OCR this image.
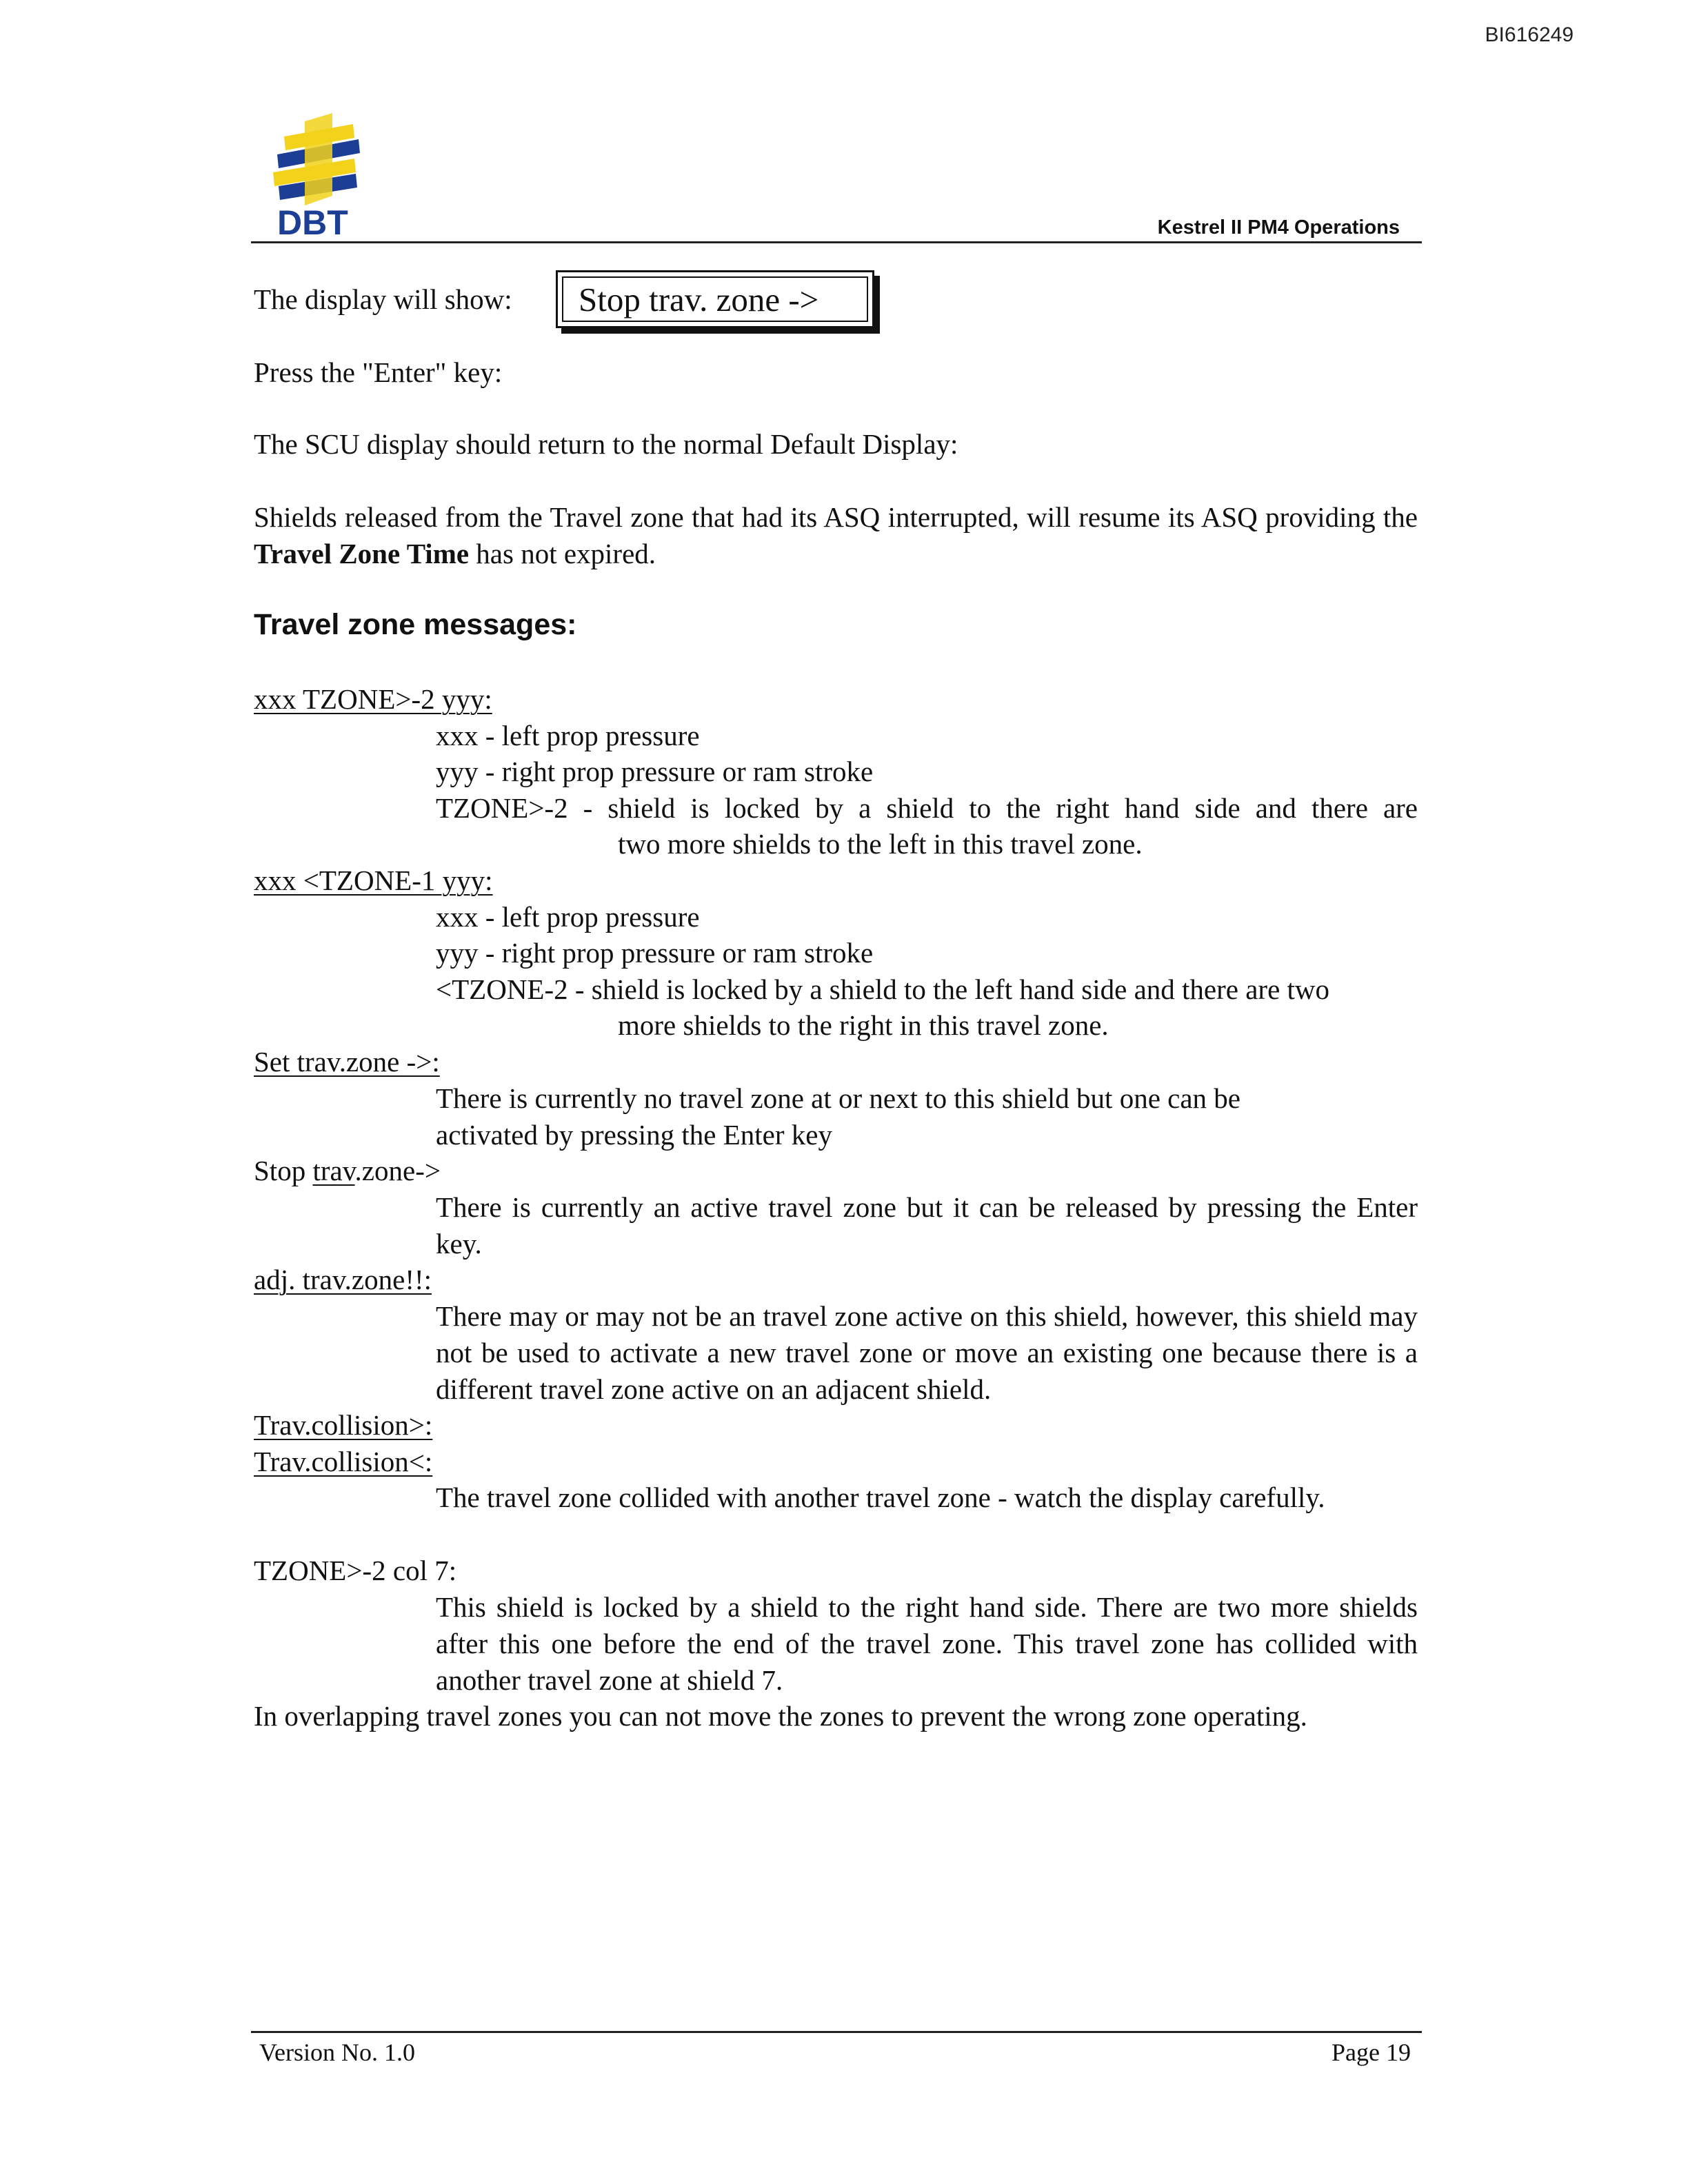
BI616249
DBT	Kestrel II PM4 Operations
The display will show:	Stop trav. zone ->
Press the "Enter" key:
The SCU display should return to the normal Default Display:
Shields released from the Travel zone that had its ASQ interrupted, will resume its ASQ providing the Travel Zone Time has not expired.
Travel zone messages:
xxx TZONE>-2 yyy:
xxx - left prop pressure
yyy - right prop pressure or ram stroke
TZONE>-2 - shield is locked by a shield to the right hand side and there are
two more shields to the left in this travel zone.
xxx <TZONE-1 yyy:
xxx - left prop pressure
yyy - right prop pressure or ram stroke
<TZONE-2 - shield is locked by a shield to the left hand side and there are two
more shields to the right in this travel zone.
Set trav.zone ->:
There is currently no travel zone at or next to this shield but one can be activated by pressing the Enter key
Stop trav.zone->
There is currently an active travel zone but it can be released by pressing the Enter key.
adj. trav.zone!!:
There may or may not be an travel zone active on this shield, however, this shield may not be used to activate a new travel zone or move an existing one because there is a different travel zone active on an adjacent shield.
Trav.collision>:
Trav.collision<:
The travel zone collided with another travel zone - watch the display carefully.
TZONE>-2 col 7:
This shield is locked by a shield to the right hand side. There are two more shields after this one before the end of the travel zone. This travel zone has collided with another travel zone at shield 7.
In overlapping travel zones you can not move the zones to prevent the wrong zone operating.
Version No. 1.0	Page 19
